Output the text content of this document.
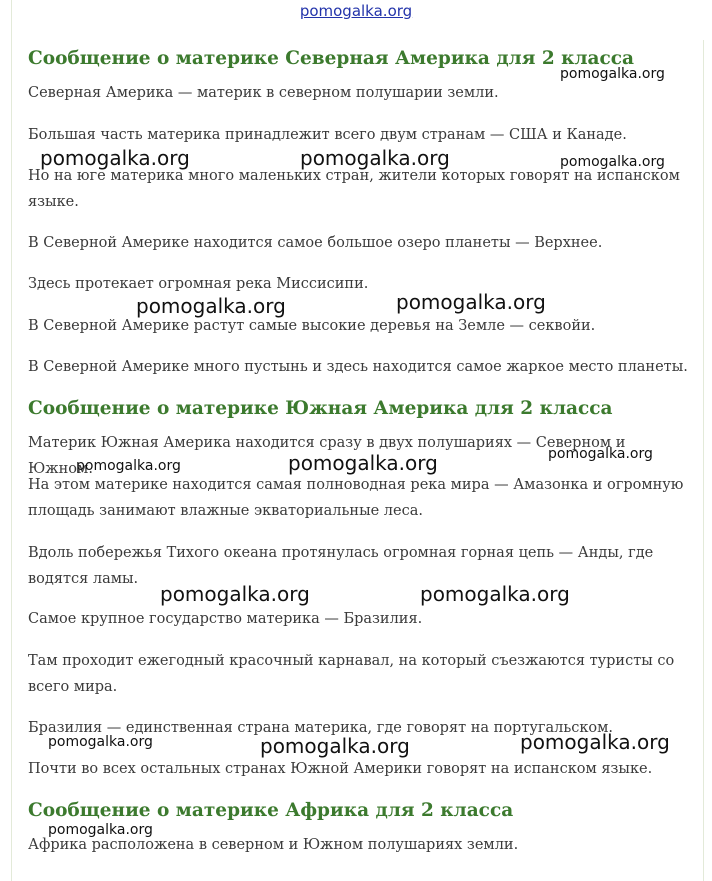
pomogalka.org
Сообщение о материке Северная Америка для 2 класса

Северная Америка — материк в северном полушарии земли.

Большая часть материка принадлежит всего двум странам — США и Канаде.

Но на юге материка много маленьких стран, жители которых говорят на испанском языке.

В Северной Америке находится самое большое озеро планеты — Верхнее.

Здесь протекает огромная река Миссисипи.

В Северной Америке растут самые высокие деревья на Земле — секвойи.

В Северной Америке много пустынь и здесь находится самое жаркое место планеты.

Сообщение о материке Южная Америка для 2 класса

Материк Южная Америка находится сразу в двух полушариях — Северном и Южном.

На этом материке находится самая полноводная река мира — Амазонка и огромную площадь занимают влажные экваториальные леса.

Вдоль побережья Тихого океана протянулась огромная горная цепь — Анды, где водятся ламы.

Самое крупное государство материка — Бразилия.

Там проходит ежегодный красочный карнавал, на который съезжаются туристы со всего мира.

Бразилия — единственная страна материка, где говорят на португальском.

Почти во всех остальных странах Южной Америки говорят на испанском языке.

Сообщение о материке Африка для 2 класса

Африка расположена в северном и Южном полушариях земли.

pomogalka.org
pomogalka.org	pomogalka.org	pomogalka.org
pomogalka.org	pomogalka.org
pomogalka.org	pomogalka.org	pomogalka.org
pomogalka.org	pomogalka.org
pomogalka.org	pomogalka.org	pomogalka.org
pomogalka.org
